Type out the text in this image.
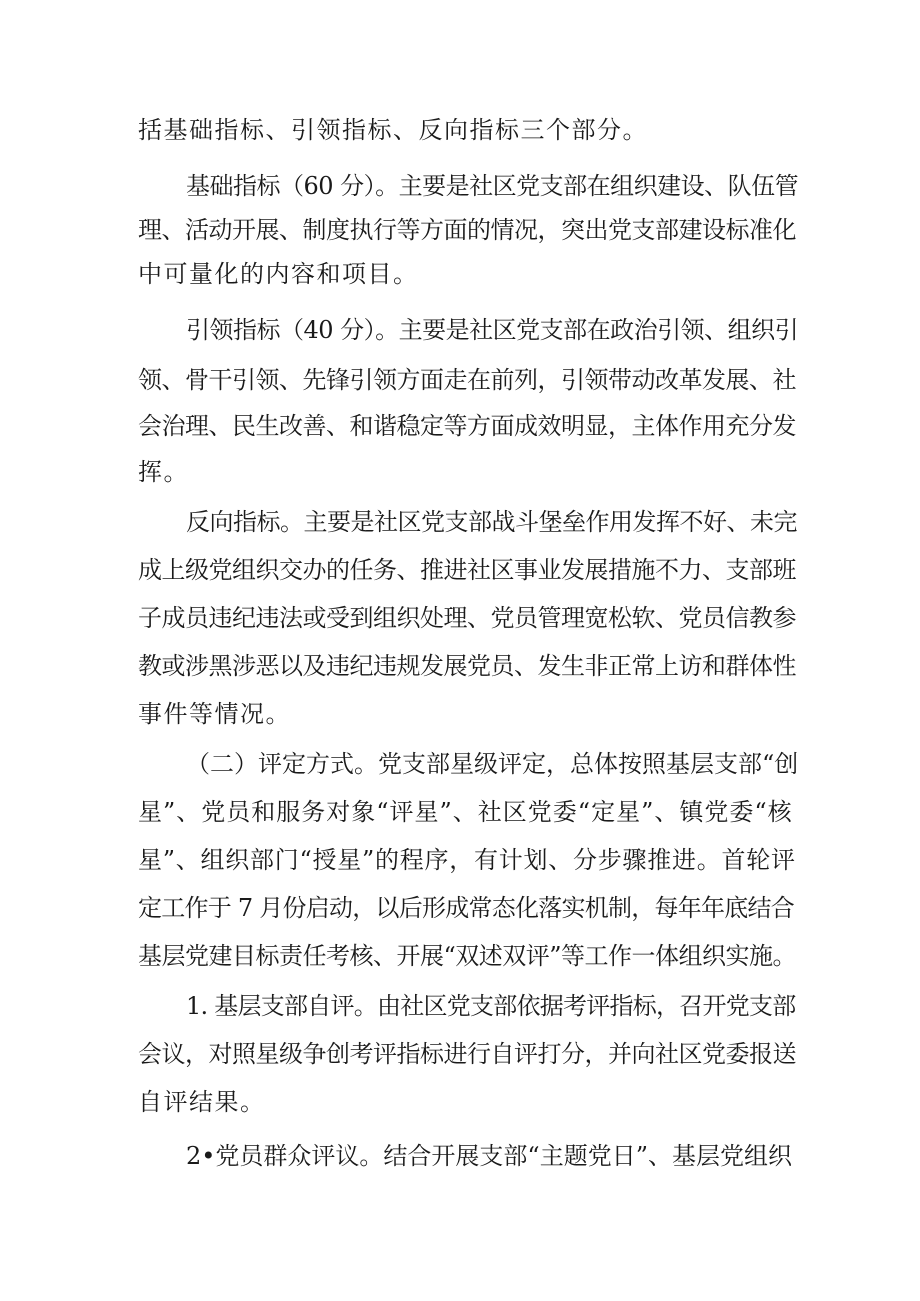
括基础指标、引领指标、反向指标三个部分。
基础指标（60 分）。主要是社区党支部在组织建设、队伍管
理、活动开展、制度执行等方面的情况，突出党支部建设标准化
中可量化的内容和项目。
引领指标（40 分）。主要是社区党支部在政治引领、组织引
领、骨干引领、先锋引领方面走在前列，引领带动改革发展、社
会治理、民生改善、和谐稳定等方面成效明显，主体作用充分发
挥。
反向指标。主要是社区党支部战斗堡垒作用发挥不好、未完
成上级党组织交办的任务、推进社区事业发展措施不力、支部班
子成员违纪违法或受到组织处理、党员管理宽松软、党员信教参
教或涉黑涉恶以及违纪违规发展党员、发生非正常上访和群体性
事件等情况。
（二）评定方式。党支部星级评定，总体按照基层支部“创
星”、党员和服务对象“评星”、社区党委“定星”、镇党委“核
星”、组织部门“授星”的程序，有计划、分步骤推进。首轮评
定工作于 7 月份启动，以后形成常态化落实机制，每年年底结合
基层党建目标责任考核、开展“双述双评”等工作一体组织实施。
1. 基层支部自评。由社区党支部依据考评指标，召开党支部
会议，对照星级争创考评指标进行自评打分，并向社区党委报送
自评结果。
2•党员群众评议。结合开展支部“主题党日”、基层党组织
